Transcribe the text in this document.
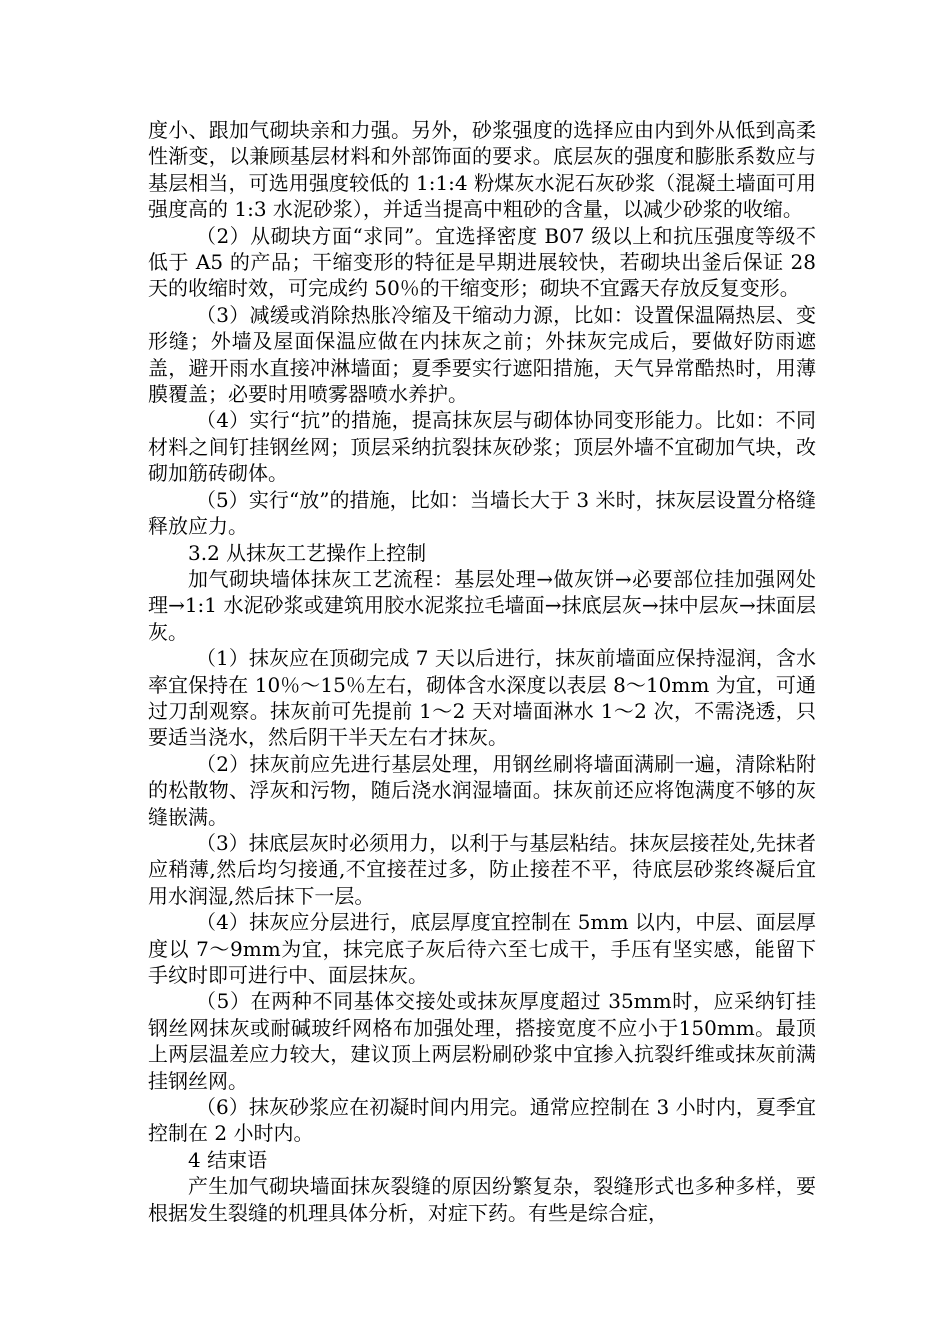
度小、跟加气砌块亲和力强。另外，砂浆强度的选择应由内到外从低到高柔性渐变，以兼顾基层材料和外部饰面的要求。底层灰的强度和膨胀系数应与基层相当，可选用强度较低的 1:1:4 粉煤灰水泥石灰砂浆（混凝土墙面可用强度高的 1:3 水泥砂浆），并适当提高中粗砂的含量，以减少砂浆的收缩。

（2）从砌块方面“求同”。宜选择密度 B07 级以上和抗压强度等级不低于 A5 的产品；干缩变形的特征是早期进展较快，若砌块出釜后保证 28 天的收缩时效，可完成约 50％的干缩变形；砌块不宜露天存放反复变形。

（3）减缓或消除热胀冷缩及干缩动力源，比如：设置保温隔热层、变形缝；外墙及屋面保温应做在内抹灰之前；外抹灰完成后，要做好防雨遮盖，避开雨水直接冲淋墙面；夏季要实行遮阳措施，天气异常酷热时，用薄膜覆盖；必要时用喷雾器喷水养护。

（4）实行“抗”的措施，提高抹灰层与砌体协同变形能力。比如：不同材料之间钉挂钢丝网；顶层采纳抗裂抹灰砂浆；顶层外墙不宜砌加气块，改砌加筋砖砌体。

（5）实行“放”的措施，比如：当墙长大于 3 米时，抹灰层设置分格缝释放应力。

3.2 从抹灰工艺操作上控制

加气砌块墙体抹灰工艺流程：基层处理→做灰饼→必要部位挂加强网处理→1:1 水泥砂浆或建筑用胶水泥浆拉毛墙面→抹底层灰→抹中层灰→抹面层灰。

（1）抹灰应在顶砌完成 7 天以后进行，抹灰前墙面应保持湿润，含水率宜保持在 10％～15％左右，砌体含水深度以表层 8～10mm 为宜，可通过刀刮观察。抹灰前可先提前 1～2 天对墙面淋水 1～2 次，不需浇透，只要适当浇水，然后阴干半天左右才抹灰。

（2）抹灰前应先进行基层处理，用钢丝刷将墙面满刷一遍，清除粘附的松散物、浮灰和污物，随后浇水润湿墙面。抹灰前还应将饱满度不够的灰缝嵌满。

（3）抹底层灰时必须用力，以利于与基层粘结。抹灰层接茬处,先抹者应稍薄,然后均匀接通,不宜接茬过多，防止接茬不平，待底层砂浆终凝后宜用水润湿,然后抹下一层。

（4）抹灰应分层进行，底层厚度宜控制在 5mm 以内，中层、面层厚度以 7～9mm为宜，抹完底子灰后待六至七成干，手压有坚实感，能留下手纹时即可进行中、面层抹灰。

（5）在两种不同基体交接处或抹灰厚度超过 35mm时，应采纳钉挂钢丝网抹灰或耐碱玻纤网格布加强处理，搭接宽度不应小于150mm。最顶上两层温差应力较大，建议顶上两层粉刷砂浆中宜掺入抗裂纤维或抹灰前满挂钢丝网。

（6）抹灰砂浆应在初凝时间内用完。通常应控制在 3 小时内，夏季宜控制在 2 小时内。

4 结束语

产生加气砌块墙面抹灰裂缝的原因纷繁复杂，裂缝形式也多种多样，要根据发生裂缝的机理具体分析，对症下药。有些是综合症，
